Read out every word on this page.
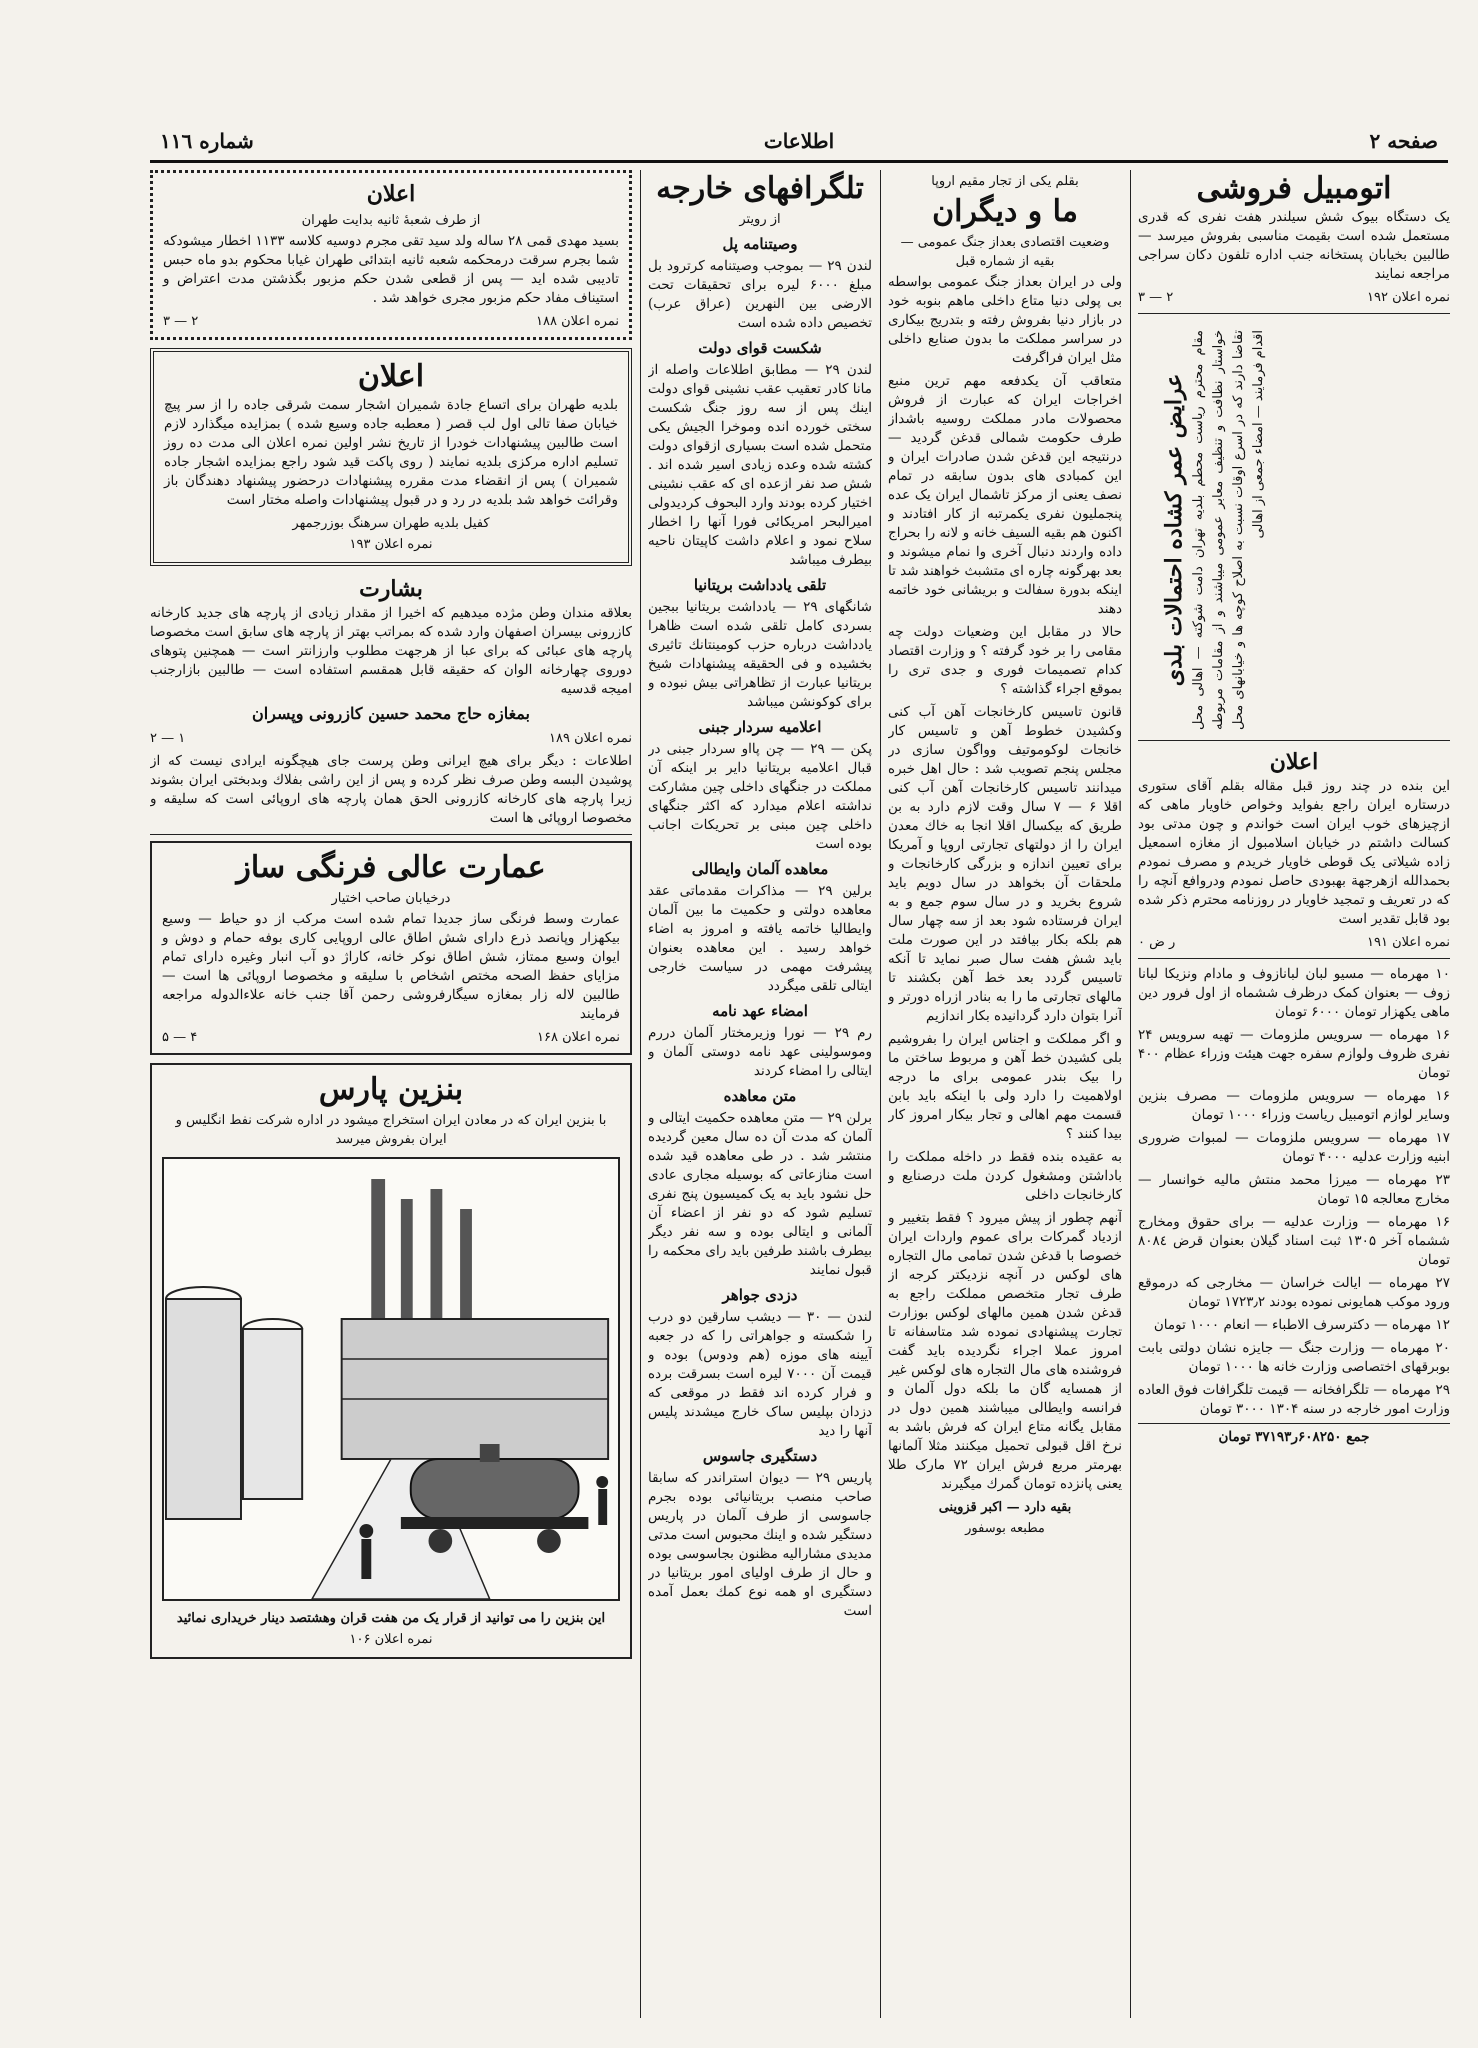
صفحه ۲
اطلاعات
شماره ۱۱٦
اتومبیل فروشی

یک دستگاه بیوک شش سیلندر هفت نفری که قدری مستعمل شده است بقیمت مناسبی بفروش میرسد — طالبین بخیابان پستخانه جنب اداره تلفون دکان سراجی مراجعه نمایند

نمره اعلان ۱۹۲
۲ — ۳
عرایض عمر کشاده احتمالات بلدی مقام محترم ریاست محطم بلدیه تهران دامت شوکته — اهالی محل خواستار نظافت و تنظیف معابر عمومی میباشند و از مقامات مربوطه تقاضا دارند که در اسرع اوقات نسبت به اصلاح کوچه ها و خیابانهای محل اقدام فرمایند — امضاء جمعی از اهالی

اعلان

این بنده در چند روز قبل مقاله بقلم آقای ستوری درستاره ایران راجع بفواید وخواص خاویار ماهی که ازچیزهای خوب ایران است خواندم و چون مدتی بود کسالت داشتم در خیابان اسلامبول از مغازه اسمعیل زاده شیلاتی یک قوطی خاویار خریدم و مصرف نمودم بحمدالله ازهرجهة بهبودی حاصل نمودم ودروافع آنچه را که در تعریف و تمجید خاویار در روزنامه محترم ذکر شده بود قابل تقدیر است

نمره اعلان ۱۹۱
ر ض ۰
۱۰ مهرماه — مسیو لبان لبانازوف و مادام ونزیکا لبانا زوف — بعنوان کمک درظرف ششماه از اول فرور دین ماهی یکهزار تومان ۶۰۰۰ تومان
۱۶ مهرماه — سرویس ملزومات — تهیه سرویس ۲۴ نفری ظروف ولوازم سفره جهت هیئت وزراء عظام ۴۰۰ تومان
۱۶ مهرماه — سرویس ملزومات — مصرف بنزین وسایر لوازم اتومبیل ریاست وزراء ۱۰۰۰ تومان
۱۷ مهرماه — سرویس ملزومات — لمبوات ضروری ابنیه وزارت عدلیه ۴۰۰۰ تومان
۲۳ مهرماه — میرزا محمد منتش مالیه خوانسار — مخارج معالجه ۱۵ تومان
۱۶ مهرماه — وزارت عدلیه — برای حقوق ومخارج ششماه آخر ۱۳۰۵ ثبت اسناد گیلان بعنوان قرض ۸۰۸٤ تومان
۲۷ مهرماه — ایالت خراسان — مخارجی که درموقع ورود موکب همایونی نموده بودند ۱۷۲۳٫۲ تومان
۱۲ مهرماه — دکترسرف الاطباء — انعام ۱۰۰۰ تومان
۲۰ مهرماه — وزارت جنگ — جایزه نشان دولتی بابت بوبرقهای اختصاصی وزارت خانه ها ۱۰۰۰ تومان
۲۹ مهرماه — تلگرافخانه — قیمت تلگرافات فوق العاده وزارت امور خارجه در سنه ۱۳۰۴ ۳۰۰۰ تومان
جمع ۶۰۸۲۵۰ر۳۷۱۹۳ تومان
بقلم یکی از تجار مقیم اروپا
ما و دیگران

وضعیت اقتصادی بعداز جنگ عمومی — بقیه از شماره قبل

ولی در ایران بعداز جنگ عمومی بواسطه بی پولی دنیا متاع داخلی ماهم بنوبه خود در بازار دنیا بفروش رفته و بتدریج بیکاری در سراسر مملکت ما بدون صنایع داخلی مثل ایران فراگرفت

متعاقب آن یکدفعه مهم ترین منبع اخراجات ایران که عبارت از فروش محصولات مادر مملکت روسیه باشداز طرف حکومت شمالی قدغن گردید — درنتیجه این قدغن شدن صادرات ایران و این کمبادی های بدون سابقه در تمام نصف یعنی از مرکز تاشمال ایران یک عده پنجملیون نفری یکمرتبه از کار افتادند و اکنون هم بقیه السیف خانه و لانه را بحراج داده واردند دنبال آخری وا نمام میشوند و بعد بهرگونه چاره ای متشبث خواهند شد تا اینکه بدورة سفالت و بریشانی خود خاتمه دهند

حالا در مقابل این وضعیات دولت چه مقامی را بر خود گرفته ؟ و وزارت اقتصاد کدام تصمیمات فوری و جدی تری را بموقع اجراء گذاشته ؟

قانون تاسیس کارخانجات آهن آب کنی وکشیدن خطوط آهن و تاسیس کار خانجات لوکوموتیف وواگون سازی در مجلس پنجم تصویب شد : حال اهل خبره میدانند تاسیس کارخانجات آهن آب کنی اقلا ۶ — ۷ سال وقت لازم دارد به بن طریق که بیکسال اقلا انجا به خاك معدن ایران را از دولتهای تجارتی اروپا و آمریکا برای تعیین اندازه و بزرگی کارخانجات و ملحقات آن بخواهد در سال دویم باید شروع بخرید و در سال سوم جمع و به ایران فرستاده شود بعد از سه چهار سال هم بلکه بکار بیافتد در این صورت ملت باید شش هفت سال صبر نماید تا آنکه تاسیس گردد بعد خط آهن بکشند تا مالهای تجارتی ما را به بنادر ازراه دورتر و آنرا بتوان دارد گردانیده بکار اندازیم

و اگر مملکت و اجناس ایران را بفروشیم بلی کشیدن خط آهن و مربوط ساختن ما را بیک بندر عمومی برای ما درجه اولاهمیت را دارد ولی با اینکه باید بابن قسمت مهم اهالی و تجار بیکار امروز کار بیدا کنند ؟

به عقیده بنده فقط در داخله مملکت را باداشتن ومشغول کردن ملت درصنایع و کارخانجات داخلی

آنهم چطور از پیش میرود ؟ فقط بتغییر و ازدیاد گمرکات برای عموم واردات ایران خصوصا با قدغن شدن تمامی مال التجاره های لوکس در آنچه نزدیکتر کرجه از طرف تجار متخصص مملکت راجع به قدغن شدن همین مالهای لوکس بوزارت تجارت پیشنهادی نموده شد متاسفانه تا امروز عملا اجراء نگردیده باید گفت فروشنده های مال التجاره های لوکس غیر از همسایه گان ما بلکه دول آلمان و فرانسه وایطالی میباشند همین دول در مقابل یگانه متاع ایران که فرش باشد به نرخ اقل قبولی تحمیل میکنند مثلا آلمانها بهرمتر مربع فرش ایران ۷۲ مارک طلا یعنی پانزده تومان گمرك میگیرند

بقیه دارد — اکبر قزوینی
مطبعه بوسفور
تلگرافهای خارجه
از رویتر
وصیتنامه پل

لندن ۲۹ — بموجب وصیتنامه کرترود بل مبلغ ۶۰۰۰ لیره برای تحقیقات تحت الارضی بین النهرین (عراق عرب) تخصیص داده شده است

شکست قوای دولت

لندن ۲۹ — مطابق اطلاعات واصله از مانا کادر تعقیب عقب نشینی قوای دولت اینك پس از سه روز جنگ شکست سختی خورده انده وموخرا الجیش یکی متحمل شده است بسیاری ازقوای دولت کشته شده وعده زیادی اسیر شده اند . شش صد نفر ازعده ای که عقب نشینی اختیار کرده بودند وارد البحوف کردیدولی امیرالبحر امریکائی فورا آنها را اخطار سلاح نمود و اعلام داشت کاپیتان ناحیه بیطرف میباشد

تلقی یادداشت بریتانیا

شانگهای ۲۹ — یادداشت بریتانیا ببجین بسردی کامل تلقی شده است ظاهرا یادداشت درباره حزب کومینتانك تاثیری بخشیده و فی الحقیقه پیشنهادات شیخ بریتانیا عبارت از تظاهراتی بیش نبوده و برای کوکونشن میباشد

اعلامیه سردار جبنی

پکن — ۲۹ — چن پااو سردار جبنی در قبال اعلامیه بریتانیا دایر بر اینکه آن مملکت در جنگهای داخلی چین مشارکت نداشته اعلام میدارد که اکثر جنگهای داخلی چین مبنی بر تحریکات اجانب بوده است

معاهده آلمان وایطالی

برلین ۲۹ — مذاکرات مقدماتی عقد معاهده دولتی و حکمیت ما بین آلمان وایطالیا خاتمه یافته و امروز به اضاء خواهد رسید . این معاهده بعنوان پیشرفت مهمی در سیاست خارجی ایتالی تلقی میگردد

امضاء عهد نامه

رم ۲۹ — نورا وزیرمختار آلمان دررم وموسولینی عهد نامه دوستی آلمان و ایتالی را امضاء کردند

متن معاهده

برلن ۲۹ — متن معاهده حکمیت ایتالی و آلمان که مدت آن ده سال معین گردیده منتشر شد . در طی معاهده قید شده است منازعاتی که بوسیله مجاری عادی حل نشود باید به یک کمیسیون پنج نفری تسلیم شود که دو نفر از اعضاء آن آلمانی و ایتالی بوده و سه نفر دیگر بیطرف باشند طرفین باید رای محکمه را قبول نمایند

دزدی جواهر

لندن — ۳۰ — دیشب سارقین دو درب را شکسته و جواهراتی را که در جعبه آیینه های موزه (هم ودوس) بوده و قیمت آن ۷۰۰۰ لیره است بسرقت برده و فرار کرده اند فقط در موقعی که دزدان بپلیس ساک خارج میشدند پلیس آنها را دید

دستگیری جاسوس

پاریس ۲۹ — دیوان استراندر که سابقا صاحب منصب بریتانیائی بوده بجرم جاسوسی از طرف آلمان در پاریس دستگیر شده و اینك محبوس است مدتی مدیدی مشارالیه مظنون بجاسوسی بوده و حال از طرف اولیای امور بریتانیا در دستگیری او همه نوع کمك بعمل آمده است

اعلان
از طرف شعبهٔ ثانیه بدایت طهران

بسید مهدی قمی ۲۸ ساله ولد سید تقی مجرم دوسیه کلاسه ۱۱۳۳ اخطار میشودکه شما بجرم سرقت درمحکمه شعبه ثانیه ابتدائی طهران غیابا محکوم بدو ماه حبس تادیبی شده اید — پس از قطعی شدن حکم مزبور بگذشتن مدت اعتراض و استیناف مفاد حکم مزبور مجری خواهد شد .

نمره اعلان ۱۸۸
۲ — ۳
اعلان

بلدیه طهران برای اتساع جادة شمیران اشجار سمت شرقی جاده را از سر پیچ خیابان صفا تالی اول لب قصر ( معطبه جاده وسیع شده ) بمزایده میگذارد لازم است طالبین پیشنهادات خودرا از تاریخ نشر اولین نمره اعلان الی مدت ده روز تسلیم اداره مرکزی بلدیه نمایند ( روی پاکت قید شود راجع بمزایده اشجار جاده شمیران ) پس از انقضاء مدت مقرره پیشنهادات درحضور پیشنهاد دهندگان باز وقرائت خواهد شد بلدیه در رد و در قبول پیشنهادات واصله مختار است

کفیل بلدیه طهران سرهنگ بوزرجمهر
نمره اعلان ۱۹۳
بشارت

بعلاقه مندان وطن مژده میدهیم که اخیرا از مقدار زیادی از پارچه های جدید کارخانه کازرونی بیسران اصفهان وارد شده که بمراتب بهتر از پارچه های سابق است مخصوصا پارچه های عبائی که برای عبا از هرجهت مطلوب وارزانتر است — همچنین پتوهای دوروی چهارخانه الوان که حقیقه قابل همقسم استفاده است — طالبین بازارجنب امیجه قدسیه

بمغازه حاج محمد حسین کازرونی وپسران
نمره اعلان ۱۸۹
۱ — ۲

اطلاعات : دیگر برای هیچ ایرانی وطن پرست جای هیچگونه ایرادی نیست که از پوشیدن البسه وطن صرف نظر کرده و پس از این راشی بفلاك وبدبختی ایران بشوند زیرا پارچه های کارخانه کازرونی الحق همان پارچه های اروپائی است که سلیقه و مخصوصا اروپائی ها است

عمارت عالی فرنگی ساز
درخیابان صاحب اختیار

عمارت وسط فرنگی ساز جدیدا تمام شده است مرکب از دو حیاط — وسیع بیکهزار وپانصد ذرع دارای شش اطاق عالی اروپایی کاری بوفه حمام و دوش و ایوان وسیع ممتاز، شش اطاق نوکر خانه، کاراژ دو آب انبار وغیره دارای تمام مزایای حفظ الصحه مختص اشخاص با سلیقه و مخصوصا اروپائی ها است — طالبین لاله زار بمغازه سیگارفروشی رحمن آقا جنب خانه علاءالدوله مراجعه فرمایند

نمره اعلان ۱۶۸
۴ — ۵
بنزین پارس

با بنزین ایران که در معادن ایران استخراج میشود در اداره شرکت نفط انگلیس و ایران بفروش میرسد

این بنزین را می توانید از قرار یک من هفت قران وهشتصد دینار خریداری نمائید
نمره اعلان ۱۰۶
